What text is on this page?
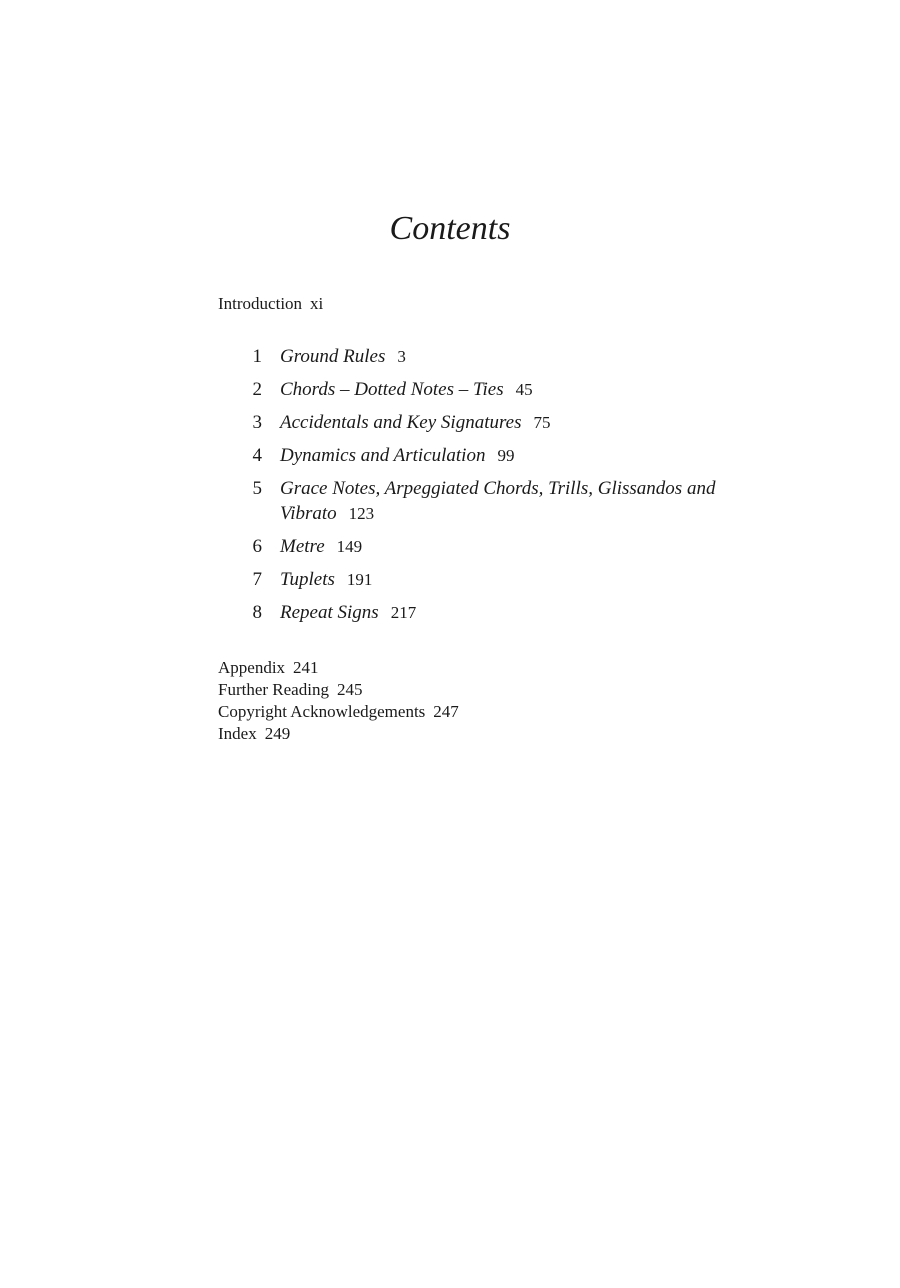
Contents
Introduction xi
1 Ground Rules 3
2 Chords – Dotted Notes – Ties 45
3 Accidentals and Key Signatures 75
4 Dynamics and Articulation 99
5 Grace Notes, Arpeggiated Chords, Trills, Glissandos and Vibrato 123
6 Metre 149
7 Tuplets 191
8 Repeat Signs 217
Appendix 241
Further Reading 245
Copyright Acknowledgements 247
Index 249
